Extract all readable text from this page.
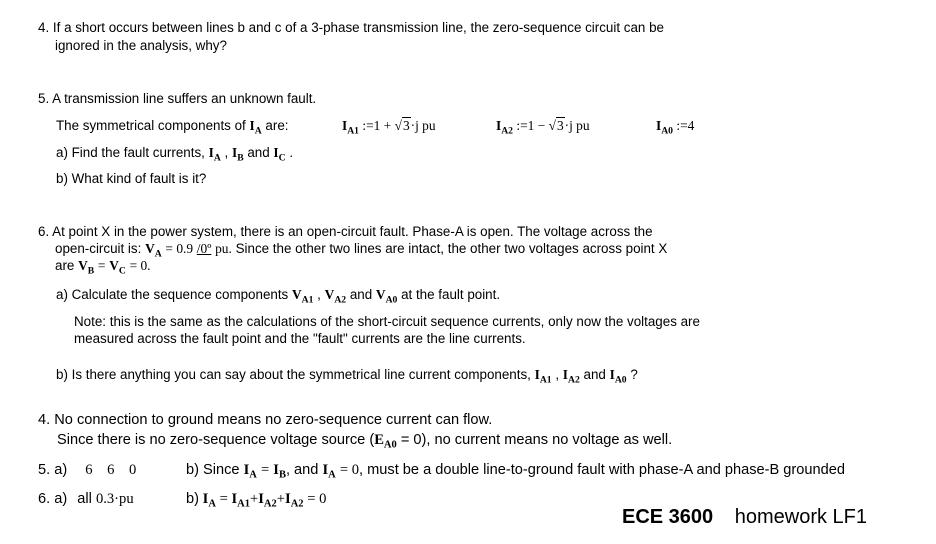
4. If a short occurs between lines b and c of a 3-phase transmission line, the zero-sequence circuit can be
ignored in the analysis, why?
5. A transmission line suffers an unknown fault.
The symmetrical components of $I_A$ are:	$I_{A1}$ :=1 + √3·j pu	$I_{A2}$ :=1 − √3·j pu	$I_{A0}$ :=4
a) Find the fault currents, $I_A$ , $I_B$ and $I_C$ .
b) What kind of fault is it?
6. At point X in the power system, there is an open-circuit fault. Phase-A is open. The voltage across the
open-circuit is: $V_A = 0.9$ /0º pu. Since the other two lines are intact, the other two voltages across point X
are $V_B = V_C = 0$.
a) Calculate the sequence components $V_{A1}$ , $V_{A2}$ and $V_{A0}$ at the fault point.
Note: this is the same as the calculations of the short-circuit sequence currents, only now the voltages are
measured across the fault point and the "fault" currents are the line currents.
b) Is there anything you can say about the symmetrical line current components, $I_{A1}$ , $I_{A2}$ and $I_{A0}$ ?
4. No connection to ground means no zero-sequence current can flow.
Since there is no zero-sequence voltage source $(E_{A0} = 0)$, no current means no voltage as well.
5. a) 6    6    0	b) Since $I_A = I_B$, and $I_A = 0$, must be a double line-to-ground fault with phase-A and phase-B grounded
6. a) all 0.3·pu	b) $I_A = I_{A1}+I_{A2}+I_{A2} = 0$
ECE 3600 homework LF1
